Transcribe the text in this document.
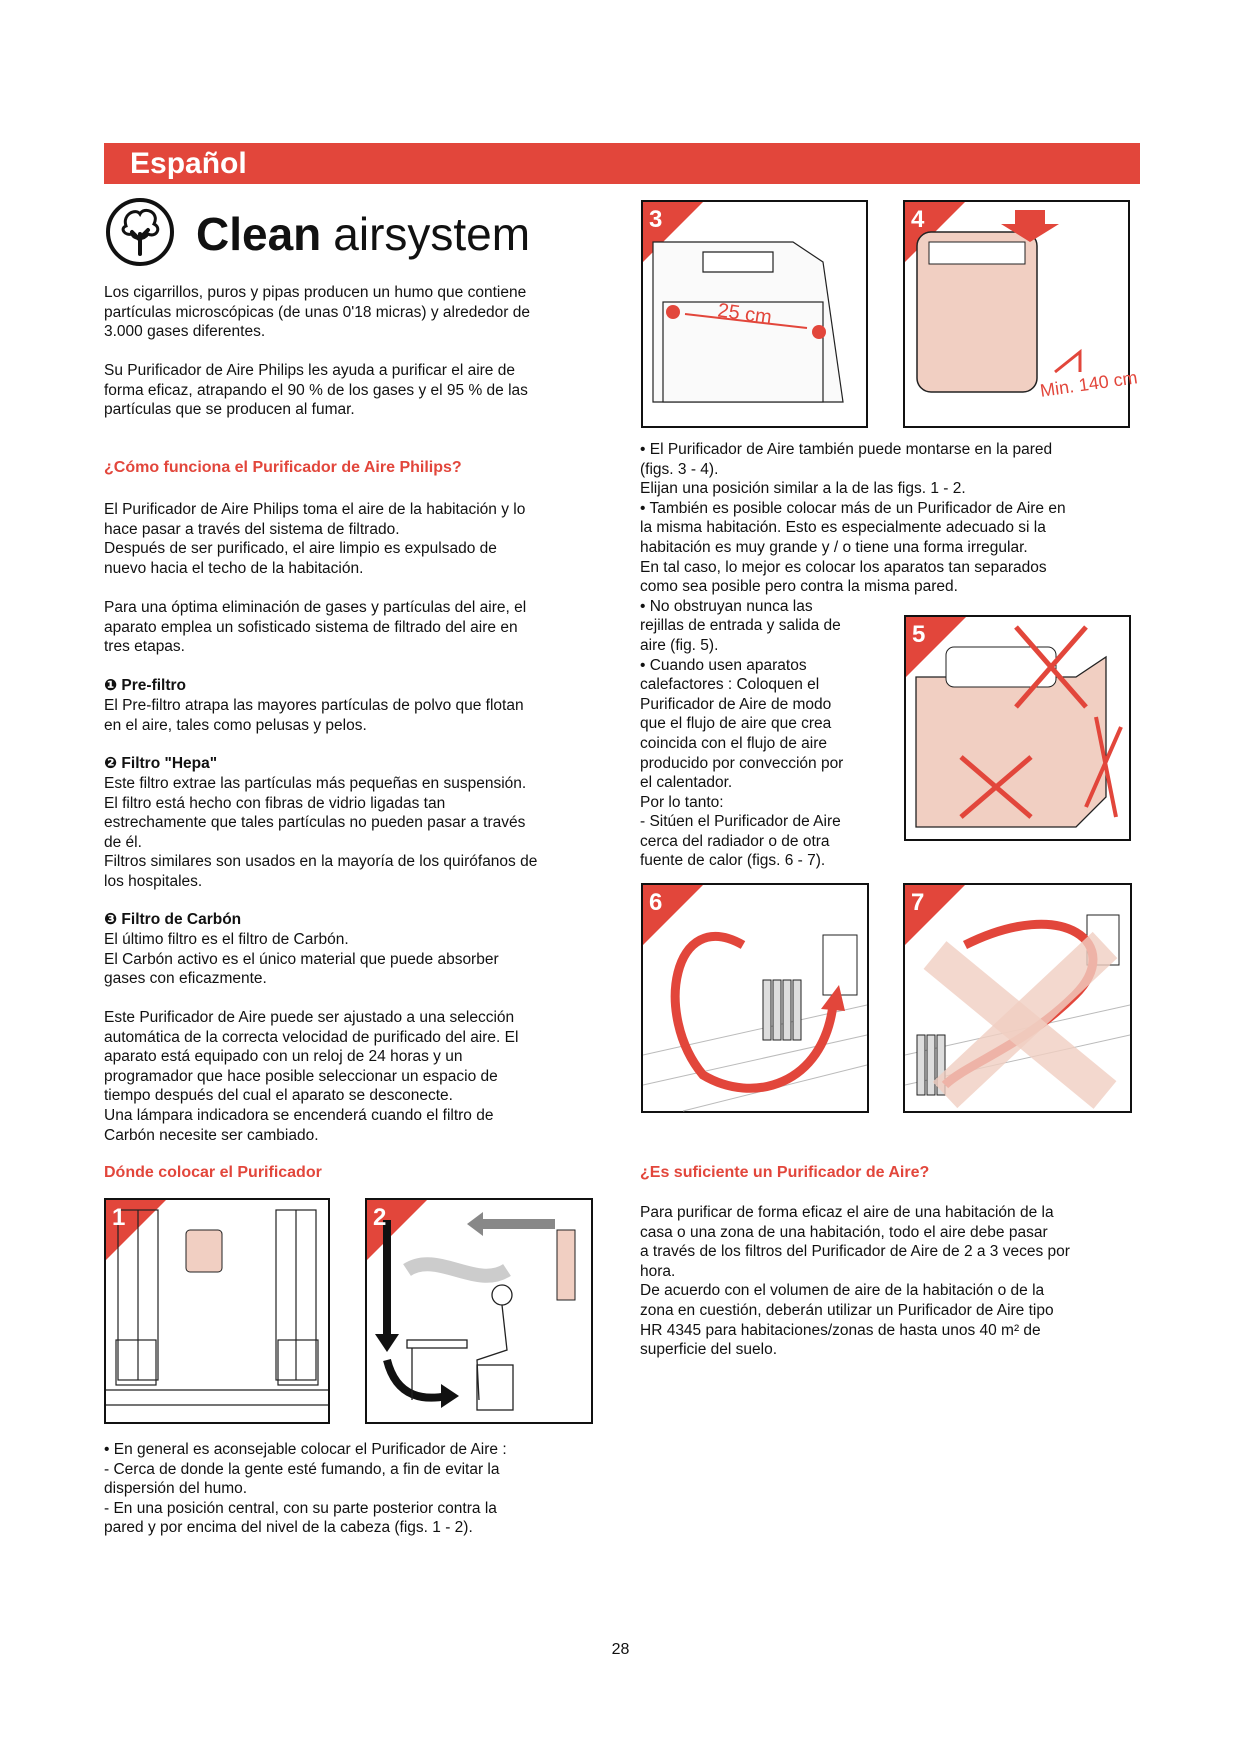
Español
Clean airsystem

Los cigarrillos, puros y pipas producen un humo que contiene
partículas microscópicas (de unas 0'18 micras) y alrededor de
3.000 gases diferentes.

Su Purificador de Aire Philips les ayuda a purificar el aire de
forma eficaz, atrapando el 90 % de los gases y el 95 % de las
partículas que se producen al fumar.

¿Cómo funciona el Purificador de Aire Philips?

El Purificador de Aire Philips toma el aire de la habitación y lo
hace pasar a través del sistema de filtrado.
Después de ser purificado, el aire limpio es expulsado de
nuevo hacia el techo de la habitación.

Para una óptima eliminación de gases y partículas del aire, el
aparato emplea un sofisticado sistema de filtrado del aire en
tres etapas.

❶ Pre-filtro

El Pre-filtro atrapa las mayores partículas de polvo que flotan
en el aire, tales como pelusas y pelos.

❷ Filtro "Hepa"

Este filtro extrae las partículas más pequeñas en suspensión.
El filtro está hecho con fibras de vidrio ligadas tan
estrechamente que tales partículas no pueden pasar a través
de él.
Filtros similares son usados en la mayoría de los quirófanos de
los hospitales.

❸ Filtro de Carbón

El último filtro es el filtro de Carbón.
El Carbón activo es el único material que puede absorber
gases con eficazmente.

Este Purificador de Aire puede ser ajustado a una selección
automática de la correcta velocidad de purificado del aire. El
aparato está equipado con un reloj de 24 horas y un
programador que hace posible seleccionar un espacio de
tiempo después del cual el aparato se desconecte.
Una lámpara indicadora se encenderá cuando el filtro de
Carbón necesite ser cambiado.

Dónde colocar el Purificador
1	2

• En general es aconsejable colocar el Purificador de Aire :
- Cerca de donde la gente esté fumando, a fin de evitar la
dispersión del humo.
- En una posición central, con su parte posterior contra la
pared y por encima del nivel de la cabeza (figs. 1 - 2).

25 cm
3
Min. 140 cm
4

• El Purificador de Aire también puede montarse en la pared
(figs. 3 - 4).
Elijan una posición similar a la de las figs. 1 - 2.
• También es posible colocar más de un Purificador de Aire en
la misma habitación. Esto es especialmente adecuado si la
habitación es muy grande y / o tiene una forma irregular.
En tal caso, lo mejor es colocar los aparatos tan separados
como sea posible pero contra la misma pared.
• No obstruyan nunca las
rejillas de entrada y salida de
aire (fig. 5).
• Cuando usen aparatos
calefactores : Coloquen el
Purificador de Aire de modo
que el flujo de aire que crea
coincida con el flujo de aire
producido por convección por
el calentador.
Por lo tanto:
- Sitúen el Purificador de Aire
cerca del radiador o de otra
fuente de calor (figs. 6 - 7).

5
6	7
¿Es suficiente un Purificador de Aire?

Para purificar de forma eficaz el aire de una habitación de la
casa o una zona de una habitación, todo el aire debe pasar
a través de los filtros del Purificador de Aire de 2 a 3 veces por
hora.
De acuerdo con el volumen de aire de la habitación o de la
zona en cuestión, deberán utilizar un Purificador de Aire tipo
HR 4345 para habitaciones/zonas de hasta unos 40 m² de
superficie del suelo.

28
